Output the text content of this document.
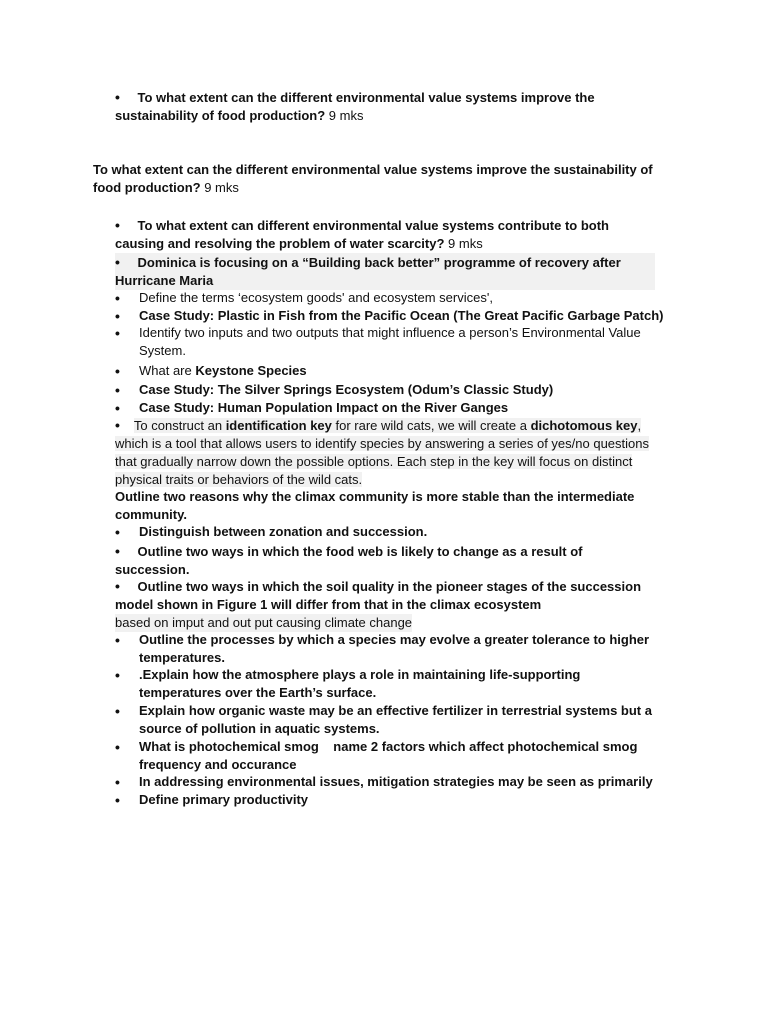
• To what extent can the different environmental value systems improve the sustainability of food production? 9 mks
To what extent can the different environmental value systems improve the sustainability of food production? 9 mks
• To what extent can different environmental value systems contribute to both causing and resolving the problem of water scarcity? 9 mks
• Dominica is focusing on a “Building back better” programme of recovery after Hurricane Maria
•	Define the terms ‘ecosystem goods' and ecosystem services',
•	Case Study: Plastic in Fish from the Pacific Ocean (The Great Pacific Garbage Patch)
•	Identify two inputs and two outputs that might influence a person’s Environmental Value System.
•	What are Keystone Species
•	Case Study: The Silver Springs Ecosystem (Odum’s Classic Study)
•	Case Study: Human Population Impact on the River Ganges
• To construct an identification key for rare wild cats, we will create a dichotomous key, which is a tool that allows users to identify species by answering a series of yes/no questions that gradually narrow down the possible options. Each step in the key will focus on distinct physical traits or behaviors of the wild cats.
Outline two reasons why the climax community is more stable than the intermediate community.
•	Distinguish between zonation and succession.
• Outline two ways in which the food web is likely to change as a result of succession.
• Outline two ways in which the soil quality in the pioneer stages of the succession model shown in Figure 1 will differ from that in the climax ecosystem based on imput and out put causing climate change
•	Outline the processes by which a species may evolve a greater tolerance to higher temperatures.
•	.Explain how the atmosphere plays a role in maintaining life-supporting temperatures over the Earth’s surface.
•	Explain how organic waste may be an effective fertilizer in terrestrial systems but a source of pollution in aquatic systems.
•	What is photochemical smog    name 2 factors which affect photochemical smog frequency and occurance
•	In addressing environmental issues, mitigation strategies may be seen as primarily
•	Define primary productivity
